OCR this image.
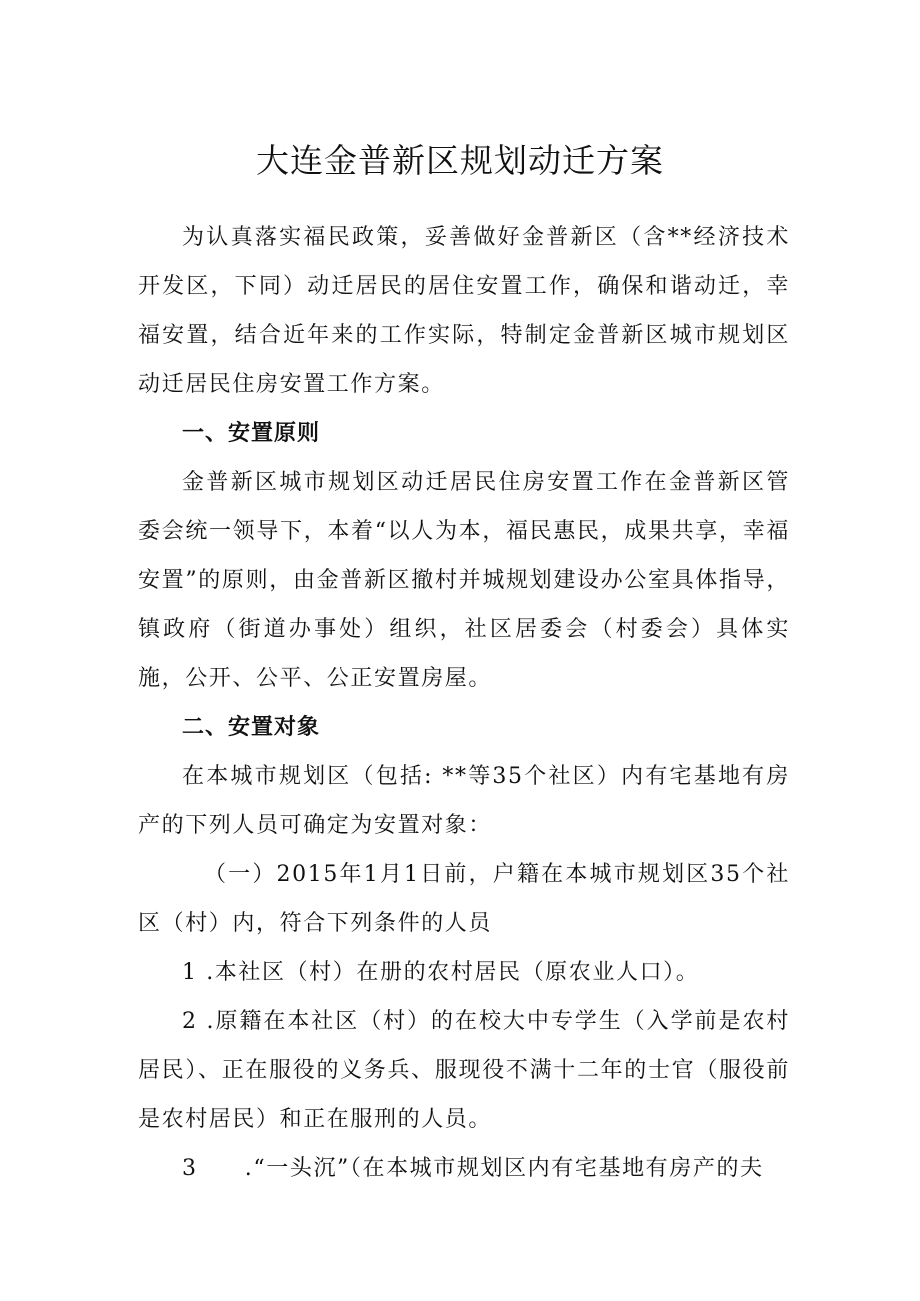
大连金普新区规划动迁方案

为认真落实福民政策，妥善做好金普新区（含**经济技术开发区，下同）动迁居民的居住安置工作，确保和谐动迁，幸福安置，结合近年来的工作实际，特制定金普新区城市规划区动迁居民住房安置工作方案。

一、安置原则

金普新区城市规划区动迁居民住房安置工作在金普新区管委会统一领导下，本着“以人为本，福民惠民，成果共享，幸福安置”的原则，由金普新区撤村并城规划建设办公室具体指导，镇政府（街道办事处）组织，社区居委会（村委会）具体实施，公开、公平、公正安置房屋。

二、安置对象

在本城市规划区（包括: **等35个社区）内有宅基地有房产的下列人员可确定为安置对象：

（一）2015年1月1日前，户籍在本城市规划区35个社区（村）内，符合下列条件的人员

1 .本社区（村）在册的农村居民（原农业人口）。

2 .原籍在本社区（村）的在校大中专学生（入学前是农村居民）、正在服役的义务兵、服现役不满十二年的士官（服役前是农村居民）和正在服刑的人员。

3　　.“一头沉”（在本城市规划区内有宅基地有房产的夫
